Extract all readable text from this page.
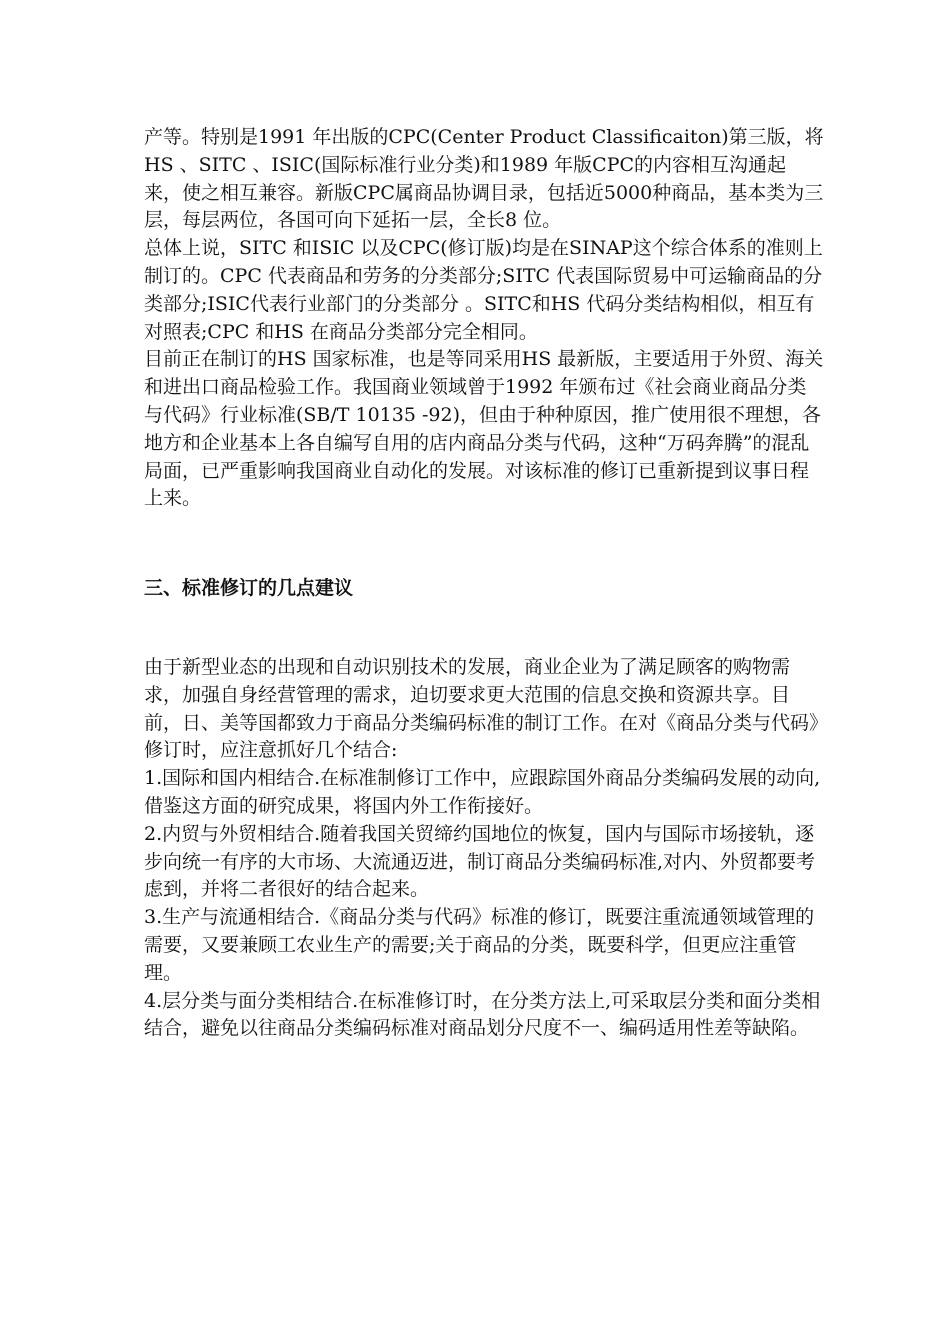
产等。特别是1991 年出版的CPC(Center Product Classificaiton)第三版，将HS 、SITC 、ISIC(国际标准行业分类)和1989 年版CPC的内容相互沟通起来，使之相互兼容。新版CPC属商品协调目录，包括近5000种商品，基本类为三层，每层两位，各国可向下延拓一层，全长8 位。

总体上说，SITC 和ISIC 以及CPC(修订版)均是在SINAP这个综合体系的准则上制订的。CPC 代表商品和劳务的分类部分;SITC 代表国际贸易中可运输商品的分类部分;ISIC代表行业部门的分类部分 。SITC和HS 代码分类结构相似，相互有对照表;CPC 和HS 在商品分类部分完全相同。

目前正在制订的HS 国家标准，也是等同采用HS 最新版，主要适用于外贸、海关和进出口商品检验工作。我国商业领域曾于1992 年颁布过《社会商业商品分类与代码》行业标准(SB/T 10135 -92)，但由于种种原因，推广使用很不理想，各地方和企业基本上各自编写自用的店内商品分类与代码，这种“万码奔腾”的混乱局面，已严重影响我国商业自动化的发展。对该标准的修订已重新提到议事日程上来。

三、标准修订的几点建议

由于新型业态的出现和自动识别技术的发展，商业企业为了满足顾客的购物需求，加强自身经营管理的需求，迫切要求更大范围的信息交换和资源共享。目前，日、美等国都致力于商品分类编码标准的制订工作。在对《商品分类与代码》修订时，应注意抓好几个结合:

1.国际和国内相结合.在标准制修订工作中，应跟踪国外商品分类编码发展的动向,借鉴这方面的研究成果，将国内外工作衔接好。

2.内贸与外贸相结合.随着我国关贸缔约国地位的恢复，国内与国际市场接轨，逐步向统一有序的大市场、大流通迈进，制订商品分类编码标准,对内、外贸都要考虑到，并将二者很好的结合起来。

3.生产与流通相结合.《商品分类与代码》标准的修订，既要注重流通领域管理的需要，又要兼顾工农业生产的需要;关于商品的分类，既要科学，但更应注重管理。

4.层分类与面分类相结合.在标准修订时，在分类方法上,可采取层分类和面分类相结合，避免以往商品分类编码标准对商品划分尺度不一、编码适用性差等缺陷。
